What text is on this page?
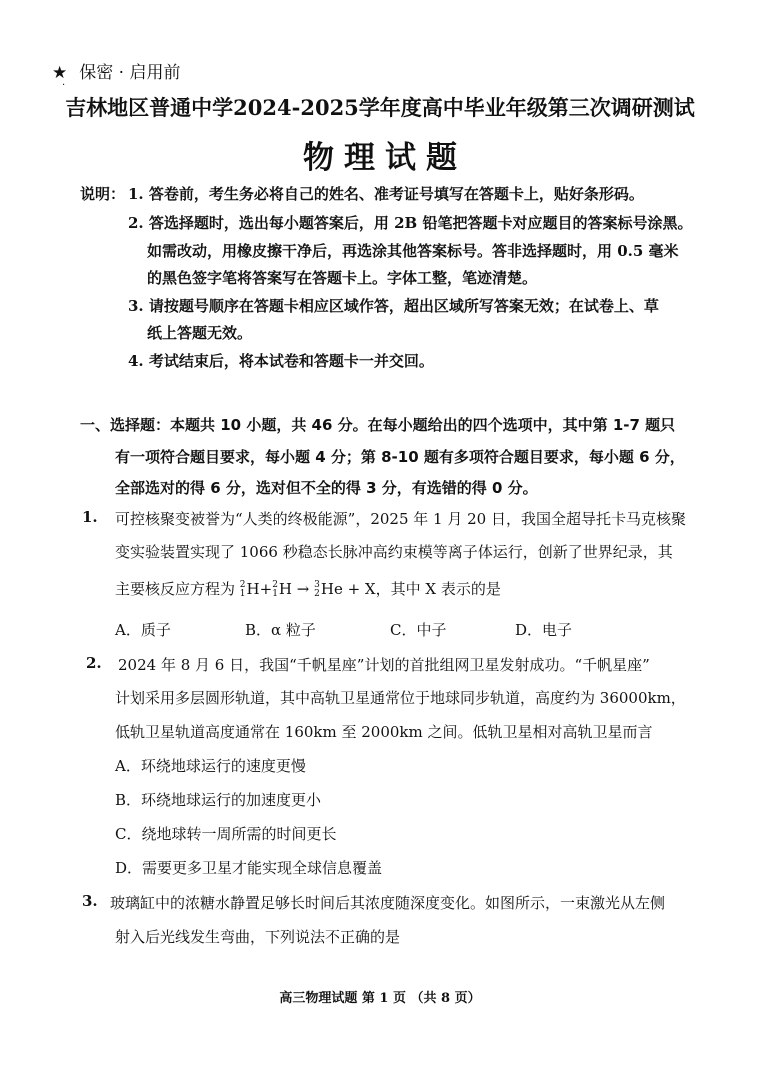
★ 保密 · 启用前
·
吉林地区普通中学2024-2025学年度高中毕业年级第三次调研测试
物理试题
说明： 1. 答卷前，考生务必将自己的姓名、准考证号填写在答题卡上，贴好条形码。
2. 答选择题时，选出每小题答案后，用 2B 铅笔把答题卡对应题目的答案标号涂黑。
如需改动，用橡皮擦干净后，再选涂其他答案标号。答非选择题时，用 0.5 毫米
的黑色签字笔将答案写在答题卡上。字体工整，笔迹清楚。
3. 请按题号顺序在答题卡相应区域作答，超出区域所写答案无效；在试卷上、草
纸上答题无效。
4. 考试结束后，将本试卷和答题卡一并交回。
一、选择题：本题共 10 小题，共 46 分。在每小题给出的四个选项中，其中第 1-7 题只
有一项符合题目要求，每小题 4 分；第 8-10 题有多项符合题目要求，每小题 6 分，
全部选对的得 6 分，选对但不全的得 3 分，有选错的得 0 分。
1. 可控核聚变被誉为“人类的终极能源”，2025 年 1 月 20 日，我国全超导托卡马克核聚
变实验装置实现了 1066 秒稳态长脉冲高约束模等离子体运行，创新了世界纪录，其
主要核反应方程为 2
1 H+ 2
1 H → 3
2 He + X，其中 X 表示的是
A．质子	B．α 粒子	C．中子	D．电子
2. 2024 年 8 月 6 日，我国“千帆星座”计划的首批组网卫星发射成功。“千帆星座”
计划采用多层圆形轨道，其中高轨卫星通常位于地球同步轨道，高度约为 36000km，
低轨卫星轨道高度通常在 160km 至 2000km 之间。低轨卫星相对高轨卫星而言
A．环绕地球运行的速度更慢
B．环绕地球运行的加速度更小
C．绕地球转一周所需的时间更长
D．需要更多卫星才能实现全球信息覆盖
3. 玻璃缸中的浓糖水静置足够长时间后其浓度随深度变化。如图所示，一束激光从左侧
射入后光线发生弯曲，下列说法不正确的是
高三物理试题 第 1 页 （共 8 页）
